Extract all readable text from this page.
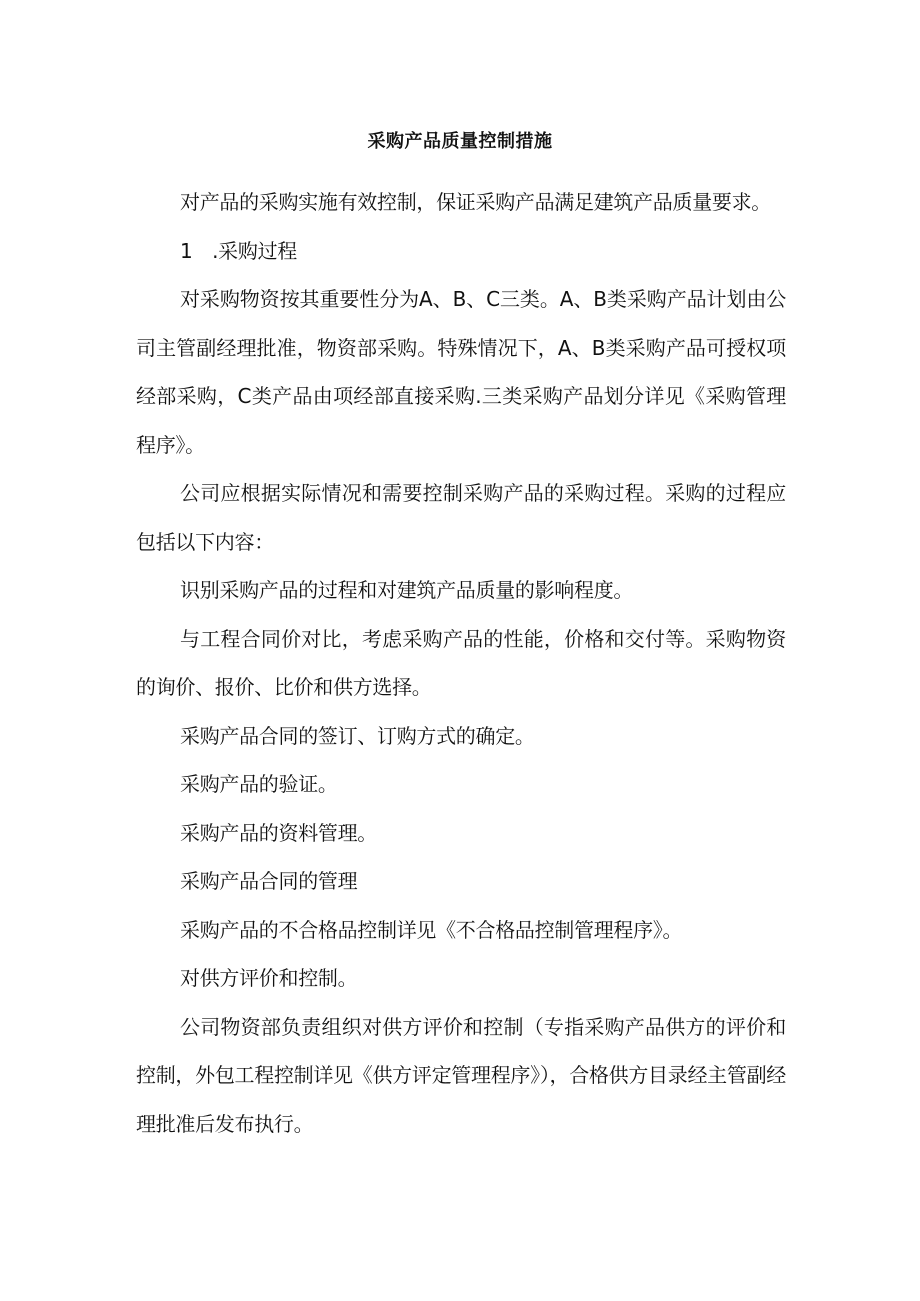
采购产品质量控制措施

对产品的采购实施有效控制，保证采购产品满足建筑产品质量要求。

1　.采购过程

对采购物资按其重要性分为A、B、C三类。A、B类采购产品计划由公司主管副经理批准，物资部采购。特殊情况下，A、B类采购产品可授权项经部采购，C类产品由项经部直接采购.三类采购产品划分详见《采购管理程序》。

公司应根据实际情况和需要控制采购产品的采购过程。采购的过程应包括以下内容：

识别采购产品的过程和对建筑产品质量的影响程度。

与工程合同价对比，考虑采购产品的性能，价格和交付等。采购物资的询价、报价、比价和供方选择。

采购产品合同的签订、订购方式的确定。

采购产品的验证。

采购产品的资料管理。

采购产品合同的管理

采购产品的不合格品控制详见《不合格品控制管理程序》。

对供方评价和控制。

公司物资部负责组织对供方评价和控制（专指采购产品供方的评价和控制，外包工程控制详见《供方评定管理程序》），合格供方目录经主管副经理批准后发布执行。
